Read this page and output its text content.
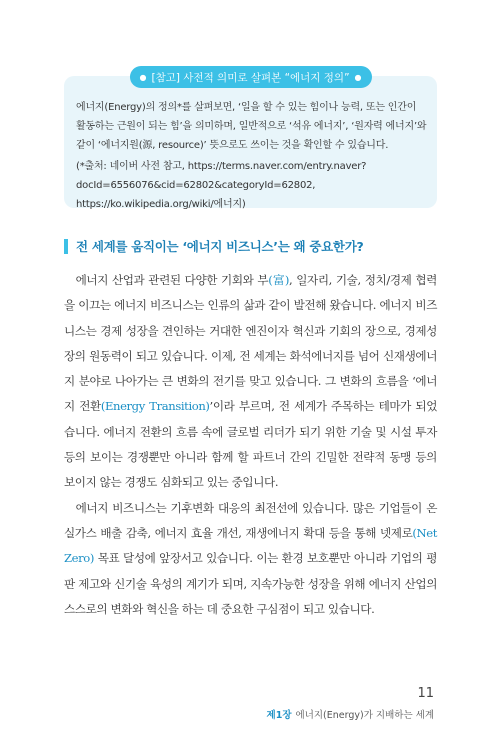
● [참고] 사전적 의미로 살펴본 “에너지 정의” ●

에너지(Energy)의 정의*를 살펴보면, ‘일을 할 수 있는 힘이나 능력, 또는 인간이 활동하는 근원이 되는 힘’을 의미하며, 일반적으로 ‘석유 에너지’, ‘원자력 에너지’와 같이 ‘에너지원(源, resource)’ 뜻으로도 쓰이는 것을 확인할 수 있습니다.

(*출처: 네이버 사전 참고, https://terms.naver.com/entry.naver?docId=6556076&cid=62802&categoryId=62802, https://ko.wikipedia.org/wiki/에너지)

전 세계를 움직이는 ‘에너지 비즈니스’는 왜 중요한가?

에너지 산업과 관련된 다양한 기회와 부(富), 일자리, 기술, 정치/경제 협력을 이끄는 에너지 비즈니스는 인류의 삶과 같이 발전해 왔습니다. 에너지 비즈니스는 경제 성장을 견인하는 거대한 엔진이자 혁신과 기회의 장으로, 경제성장의 원동력이 되고 있습니다. 이제, 전 세계는 화석에너지를 넘어 신재생에너지 분야로 나아가는 큰 변화의 전기를 맞고 있습니다. 그 변화의 흐름을 ‘에너지 전환(Energy Transition)’이라 부르며, 전 세계가 주목하는 테마가 되었습니다. 에너지 전환의 흐름 속에 글로벌 리더가 되기 위한 기술 및 시설 투자 등의 보이는 경쟁뿐만 아니라 함께 할 파트너 간의 긴밀한 전략적 동맹 등의 보이지 않는 경쟁도 심화되고 있는 중입니다.

에너지 비즈니스는 기후변화 대응의 최전선에 있습니다. 많은 기업들이 온실가스 배출 감축, 에너지 효율 개선, 재생에너지 확대 등을 통해 넷제로(Net Zero) 목표 달성에 앞장서고 있습니다. 이는 환경 보호뿐만 아니라 기업의 평판 제고와 신기술 육성의 계기가 되며, 지속가능한 성장을 위해 에너지 산업의 스스로의 변화와 혁신을 하는 데 중요한 구심점이 되고 있습니다.

11
제1장 에너지(Energy)가 지배하는 세계
